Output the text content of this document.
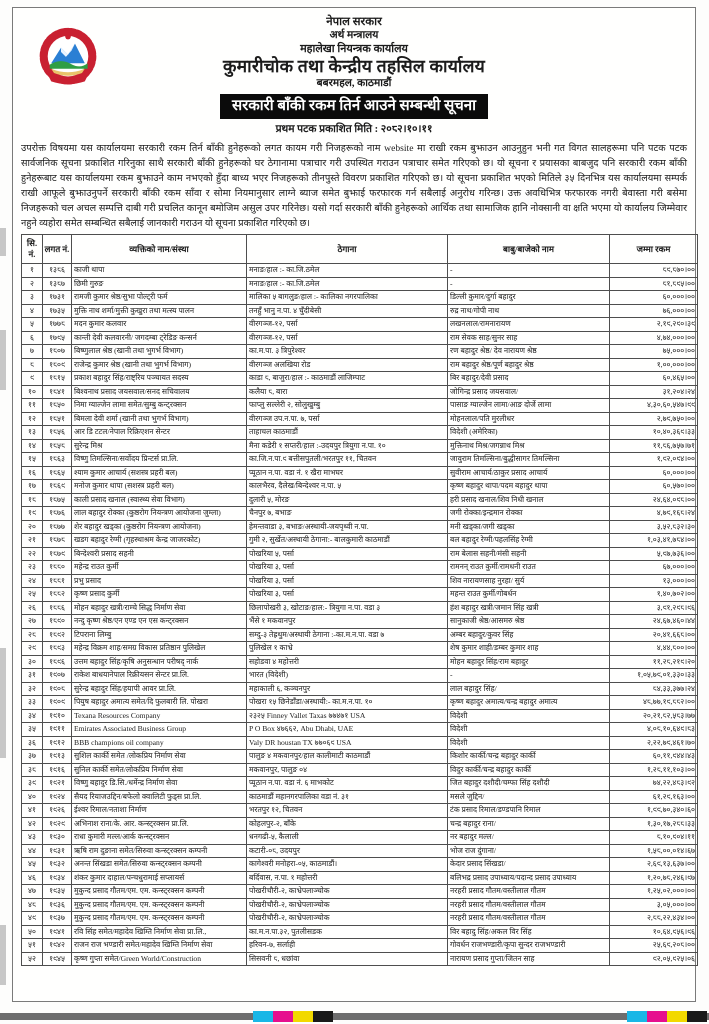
नेपाल सरकार
अर्थ मन्त्रालय
महालेखा नियन्त्रक कार्यालय
कुमारीचोक तथा केन्द्रीय तहसिल कार्यालय
बबरमहल, काठमाडौं
सरकारी बाँकी रकम तिर्न आउने सम्बन्धी सूचना
प्रथम पटक प्रकाशित मिति : २०८२।१०।११
उपरोक्त विषयमा यस कार्यालयमा सरकारी रकम तिर्न बाँकी हुनेहरूको लगत कायम गरी निजहरूको नाम website मा राखी रकम बुझाउन आउनुहुन भनी गत विगत सालहरूमा पनि पटक पटक सार्वजनिक सूचना प्रकाशित गरिनुका साथै सरकारी बाँकी हुनेहरूको घर ठेगानामा पत्राचार गरी उपस्थित गराउन पत्राचार समेत गरिएको छ। यो सूचना र प्रयासका बाबजुद पनि सरकारी रकम बाँकी हुनेहरूबाट यस कार्यालयमा रकम बुझाउने काम नभएको हुँदा बाध्य भएर निजहरूको तीनपुस्ते विवरण प्रकाशित गरिएको छ। यो सूचना प्रकाशित भएको मितिले ३५ दिनभित्र यस कार्यालयमा सम्पर्क राखी आफूले बुझाउनुपर्ने सरकारी बाँकी रकम साँवा र सोमा नियमानुसार लाग्ने ब्याज समेत बुझाई फरफारक गर्न सबैलाई अनुरोध गरिन्छ। उक्त अवधिभित्र फरफारक नगरी बेवास्ता गरी बसेमा निजहरूको चल अचल सम्पत्ति दाबी गरी प्रचलित कानून बमोजिम असुल उपर गरिनेछ। यसो गर्दा सरकारी बाँकी हुनेहरूको आर्थिक तथा सामाजिक हानि नोक्सानी वा क्षति भएमा यो कार्यालय जिम्मेवार नहुने व्यहोरा समेत सम्बन्धित सबैलाई जानकारी गराउन यो सूचना प्रकाशित गरिएको छ।
सि. नं.	लगत नं.	व्यक्तिको नाम/संस्था	ठेगाना	बाबु/बाजेको नाम	जम्मा रकम
१	१३८६	काजी थापा	मनाङ/हाल :- का.जि.ठमेल	-	८९,८७०।००
२	१३८७	छिमी गुरुङ	मनाङ/हाल :- का.जि.ठमेल	-	८१,८९५।००
३	१७३१	रामजी कुमार श्रेष्ठ/सुभा पोल्ट्री फर्म	मालिका ५ बागलुङ/हाल :- कालिका नगरपालिका	डिल्ली कुमार/दुर्गा बहादुर	६०,०००।००
४	१७३५	मुक्ति नाथ शर्मा/मुक्ती कुखुरा तथा मत्स्य पालन	तनहुँ भानु न.पा. ४ चुँदीबेसी	रुद्र नाथ/गोपी नाथ	७६,०००।००
५	१७७८	मदन कुमार कलवार	वीरगञ्ज-१२, पर्सा	लखनलाल/रामनारायण	२,१९,२९०।३९
६	१७९५	कान्ती देवी कलवारनी/ जगदम्बा ट्रेडिङ कन्सर्न	वीरगञ्ज-१२, पर्सा	राम सेवक साह/सुनर साह	४,७४,०००।००
७	१८०७	बिष्णुलाल श्रेष्ठ (खानी तथा भुगर्भ विभाग)	का.म.पा. ३ त्रिपुरेश्वर	रण बहादुर श्रेष्ठ/ देव नारायण श्रेष्ठ	७५,०००।००
८	१८०९	राजेन्द्र कुमार श्रेष्ठ (खानी तथा भुगर्भ विभाग)	वीरगञ्ज अलखिया रोड	राम बहादुर श्रेष्ठ/पूर्ण बहादुर श्रेष्ठ	१,००,०००।००
९	१८१५	प्रकाश बहादुर सिंह/राष्ट्रिय पञ्चायत सदस्य	काडा ८, बाजुरा/हाल :- काठमाडौं लाजिम्पाट	बिर बहादुर/देवी प्रसाद	६०,४६५।००
१०	१८४१	बिश्वनाथ प्रसाद जयसवाल/सनद सचिवालय	कलैया ८, बारा	जोगिन्द्र प्रसाद जयसवाल/	३१,२०४।२४
११	१८५०	निमा ग्याल्जेन लामा समेत/सुम्बु कन्ट्रक्सन	फाप्लु सल्लेरी २, सोलुखुम्बु	पासाङ ग्याल्जेन लामा/आङ दोर्जे लामा	४,३०,६०,५४७।९९
१२	१८५१	बिमला देवी शर्मा (खानी तथा भुगर्भ विभाग)	वीरगञ्ज उप.न.पा. ७, पर्सा	मोहनलाल/पति मुरलीधर	२,७९,७५०।००
१३	१८५६	आर डि टटल/नेपाल रिक्रिएशन सेन्टर	ताहाचल काठमाडौं	विदेशी (अमेरिका)	१०,४०,३६९।३३
१४	१८५८	सुरेन्द्र मिश्र	मैना कडेरी १ सप्तरी/हाल :-उदयपुर त्रियुगा न.पा. १०	मुक्तिनाथ मिश्र/जगन्नाथ मिश्र	११,८६,७५७।७१
१५	१८६३	विष्णु तिमल्सिना/सर्वोदय प्रिन्टर्स प्रा.लि.	का.जि.न.पा.९ बत्तीसपुतली/भरतपुर ११, चितवन	जावुराम तिमल्सिना/बुद्धीसागर तिमल्सिना	१,९२,०९४।००
१६	१८६५	श्याम कुमार आचार्य (सशस्त्र प्रहरी बल)	प्यूठान न.पा. वडा नं. १ खैरा माभघर	सुवीराम आचार्य/ठाकुर प्रसाद आचार्य	६०,०००।००
१७	१८६९	मनोज कुमार थापा (सशस्त्र प्रहरी बल)	कालभैरव, दैलेख/बिन्देश्वर न.पा. ५	कृष्ण बहादुर थापा/पदम बहादुर थापा	६०,५७०।००
१८	१८७५	काली प्रसाद खनाल (स्वास्थ्य सेवा विभाग)	दुलारी ५, मोरङ	हरी प्रसाद खनाल/शिव निधी खनाल	२४,६४,०९८।००
१९	१८७६	लाल बहादुर रोक्का (कुष्ठरोग नियन्त्रण आयोजना जुम्ला)	चैनपुर ७, बभाङ	जगी रोक्का/इन्द्रमान रोक्का	४,७९,१६८।२४
२०	१८७७	शेर बहादुर खड्का (कुष्ठरोग नियन्त्रण आयोजना)	हेमन्तवाडा ३, बभाङ/अस्थायी-जयपृथ्वी न.पा.	मनी खड्का/जगी खड्का	३,५२,८३२।३०
२१	१८७८	खडग बहादुर रेग्मी (गृहस्थाश्रम केन्द्र जाजरकोट)	गुमी २, सुर्खेत/अस्थायी ठेगाना:- बालकुमारी काठमाडौं	बल बहादुर रेग्मी/पहलसिंह रेग्मी	१,०३,४१,७८४।००
२२	१८७९	बिन्देश्वरी प्रसाद सहनी	पोखरिया ५, पर्सा	राम बेलास सहनी/मंसी सहनी	५,९७,७३६।००
२३	१८८०	महेन्द्र राउत कुर्मी	पोखरिया ३, पर्सा	रामनन् राउत कुर्मी/रामधनी राउत	६७,०००।००
२४	१८८१	प्रभु प्रसाद	पोखरिया ३, पर्सा	शिव नारायणसाह नुरहा/ सुर्य	१३,०००।००
२५	१८८२	कृष्ण प्रसाद कुर्मी	पोखरिया ३, पर्सा	महन्त राउत कुर्मी/गोबर्धन	१,४०,७०२।००
२६	१८८६	मोहन बहादुर खत्री/राम्चे सिद्ध निर्माण सेवा	छिलापोखरी ३, खोटाङ/हाल:- त्रियुगा न.पा. वडा ३	हंश बहादुर खत्री/जमान सिंह खत्री	३,९१,२९८।९६
२७	१८९०	नन्दु कृष्ण श्रेष्ठ/एन एण्ड एन एस कन्ट्रक्सन	भैंसे १ मकवानपुर	सानुकाजी श्रेष्ठ/आसमरु श्रेष्ठ	२४,६७,४६०।४४
२८	१८९२	टिपराना लिम्बु	सम्दु-३ तेह्रथुम/अस्थायी ठेगाना :-का.म.न.पा. वडा ७	अम्बर बहादुर/कुवर सिंह	२०,४१,६६८।००
२९	१८९३	महेन्द्र विक्रम शाह/समग्र विकास प्रतिष्ठान पुलिखेल	पुलिखेल १ काभ्रे	शेष कुमार शाही/डम्बर कुमार शाह	४,४४,८००।००
३०	१८९६	उत्तम बहादुर सिंह/कृषि अनुसन्धान परीषद् नार्क	सहोडवा ४ महोत्तरी	मोहन बहादुर सिंह/राम बहादुर	११,२८,२१९।२०
३१	१९०७	राकेश बाधयानेपाल रिक्रीयसन सेन्टर प्रा.लि.	भारत (विदेशी)	-	१,०५,७९,०१,३३०।३३
३२	१९०८	सुरेन्द्र बहादुर सिंह/हयापी आवर प्रा.लि.	महाकाली ६, कञ्चनपुर	लाल बहादुर सिंह/	८४,३३,३७७।२४
३३	१९०९	पियुष बहादुर अमात्य समेत/दि फुलबारी लि. पोखरा	पोखरा १५ छिनेडाँडा/अस्थायी:- का.म.न.पा. १०	कृष्ण बहादुर अमात्य/चन्द्र बहादुर अमात्य	४८,७७,१९,८८२।००
३४	१९१०	Texana Resources Company	२३२५ Finney Vallet Taxas ७७४७१ USA	विदेशी	२०,२१,८२,५८३।७७
३५	१९११	Emirates Associated Business Group	P O Box ४७६६२, Abu Dhabi, UAE	विदेशी	४,०८,१०,६४९।८३
३६	१९१२	BBB champions oil company	Valy DR houstan TX ७७०६९ USA	विदेशी	२,२२,७९,४६१।७०
३७	१९१३	सुशिल कार्की समेत /लोकप्रिय निर्माण सेवा	पालुङ ४ मकवानपुर/हाल कालीमाटी काठमाडौं	किशोर कार्की/चन्द्र बहादुर कार्की	६०,११,९४४।४३
३८	१९१६	सुनिल कार्की समेत/लोकप्रिय निर्माण सेवा	मकवानपुर, पालुङ ०४	विदुर कार्की/चन्द्र बहादुर कार्की	१,२८,११,१०३।००
३९	१९२१	विष्णु बहादुर डि.सि./धर्मेन्द्र निर्माण सेवा	प्यूठान न.पा. वडा नं. ६ माभकोट	जित बहादुर दशौदी/चम्फा सिंह दशौदी	७४,२२,४८३।९२
४०	१९२४	सैयद रियाजउद्दिन/बफेलो क्वालिटी फुड्स प्रा.लि.	काठमाडौं महानगरपालिका वडा नं. ३१	मसले जुद्दिन/	६१,२९,१६३।००
४१	१९२६	ईश्वर रिमाल/नताशा निर्माण	भरतपुर १२, चितवन	टंक प्रसाद रिमाल/डण्डपानि रिमाल	१,९९,७०,३४०।६०
४२	१९२९	अभिनाश राना/के. आर. कन्स्ट्रक्सन प्रा.लि.	कोहलपुर-२, बाँके	चन्द्र बहादुर राना/	१,३०,१७,२८८।३३
४३	१९३०	राधा कुमारी मल्ल/आर्क कन्स्ट्रक्सन	धनगढी-५, कैलाली	नर बहादुर मल्ल/	८,१०,९०४।११
४४	१९३१	ऋषि राम दुङाना समेत/सिरुवा कन्स्ट्रक्सन कम्पनी	कटारी-०८, उदयपुर	भोज राज दुंगाना/	१,५८,००,०१४।६७
४५	१९३२	अनन्त सिंखडा समेत/सिरुवा कन्स्ट्रक्सन कम्पनी	कागेश्वरी मनोहरा-०५, काठमाडौं।	केदार प्रसाद सिंखडा/	२,६९,१३,६३७।००
४६	१९३४	शंकर कुमार दाहाल/पन्चधुरामाई सप्लायर्स	बर्दिवास, न.पा. १ महोत्तरी	बलिभद्र प्रसाद उपाध्याय/पदान्द प्रसाद उपाध्याय	१,२०,७८,२४६।९७
४७	१९३५	मुकुन्द प्रसाद गौतम/एम. एम. कन्स्ट्रक्सन कम्पनी	पोखरीचौरी-२, काभ्रेपलाञ्चोक	नरहरी प्रसाद गौतम/वस्तीलाल गौतम	१,२५,०२,०००।००
४८	१९३६	मुकुन्द प्रसाद गौतम/एम. एम. कन्स्ट्रक्सन कम्पनी	पोखरीचौरी-२, काभ्रेपलाञ्चोक	नरहरी प्रसाद गौतम/वस्तीलाल गौतम	३,०५,०००।००
४९	१९३७	मुकुन्द प्रसाद गौतम/एम. एम. कन्स्ट्रक्सन कम्पनी	पोखरीचौरी-२, काभ्रेपलाञ्चोक	नरहरी प्रसाद गौतम/वस्तीलाल गौतम	२,८८,२२,४३४।००
५०	१९४१	रवि सिंह समेत/महादेव खिम्ति निर्माण सेवा प्रा.लि.,	का.म.न.पा.३२, पुतलीसडक	विर बहादु सिंह/अकल विर सिंह	१०,६४,९५६।९६
५१	१९४२	राजन राज भण्डारी समेत/महादेव खिम्ति निर्माण सेवा	हरिवन-७, सर्लाही	गोवर्धन राजभण्डारी/कृपा सुन्दर राजभण्डारी	२५,६९,२०८।००
५२	१९४५	कृष्ण गुप्ता समेत/Green World/Construction	सिसवनी ८, धछांवा	नारायण प्रसाद गुप्ता/जितन साह	९२,०५,९२५।०६
